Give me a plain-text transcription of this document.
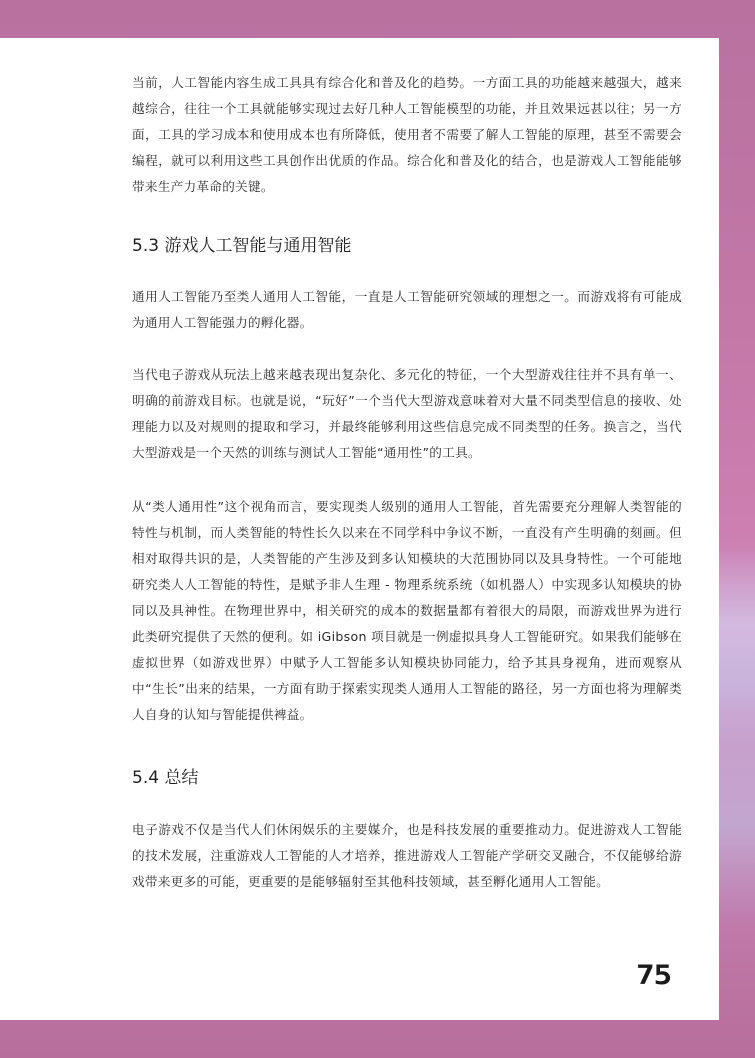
当前，人工智能内容生成工具具有综合化和普及化的趋势。一方面工具的功能越来越强大，越来越综合，往往一个工具就能够实现过去好几种人工智能模型的功能，并且效果远甚以往；另一方面，工具的学习成本和使用成本也有所降低，使用者不需要了解人工智能的原理，甚至不需要会编程，就可以利用这些工具创作出优质的作品。综合化和普及化的结合，也是游戏人工智能能够带来生产力革命的关键。

5.3 游戏人工智能与通用智能

通用人工智能乃至类人通用人工智能，一直是人工智能研究领域的理想之一。而游戏将有可能成为通用人工智能强力的孵化器。

当代电子游戏从玩法上越来越表现出复杂化、多元化的特征，一个大型游戏往往并不具有单一、明确的前游戏目标。也就是说，“玩好”一个当代大型游戏意味着对大量不同类型信息的接收、处理能力以及对规则的提取和学习，并最终能够利用这些信息完成不同类型的任务。换言之，当代大型游戏是一个天然的训练与测试人工智能“通用性”的工具。

从“类人通用性”这个视角而言，要实现类人级别的通用人工智能，首先需要充分理解人类智能的特性与机制，而人类智能的特性长久以来在不同学科中争议不断，一直没有产生明确的刻画。但相对取得共识的是，人类智能的产生涉及到多认知模块的大范围协同以及具身特性。一个可能地研究类人人工智能的特性，是赋予非人生理 - 物理系统系统（如机器人）中实现多认知模块的协同以及具神性。在物理世界中，相关研究的成本的数据量都有着很大的局限，而游戏世界为进行此类研究提供了天然的便利。如 iGibson 项目就是一例虚拟具身人工智能研究。如果我们能够在虚拟世界（如游戏世界）中赋予人工智能多认知模块协同能力，给予其具身视角，进而观察从中“生长”出来的结果，一方面有助于探索实现类人通用人工智能的路径，另一方面也将为理解类人自身的认知与智能提供裨益。

5.4 总结

电子游戏不仅是当代人们休闲娱乐的主要媒介，也是科技发展的重要推动力。促进游戏人工智能的技术发展，注重游戏人工智能的人才培养，推进游戏人工智能产学研交叉融合，不仅能够给游戏带来更多的可能，更重要的是能够辐射至其他科技领域，甚至孵化通用人工智能。

75
